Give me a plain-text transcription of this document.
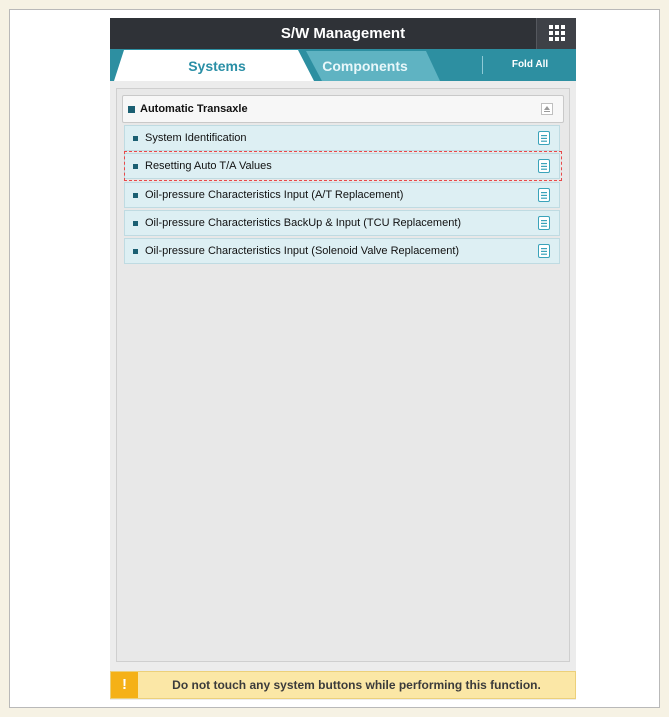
S/W Management
Systems	Components	Fold All
Automatic Transaxle
System Identification
Resetting Auto T/A Values
Oil-pressure Characteristics Input (A/T Replacement)
Oil-pressure Characteristics BackUp & Input (TCU Replacement)
Oil-pressure Characteristics Input (Solenoid Valve Replacement)
!	Do not touch any system buttons while performing this function.
